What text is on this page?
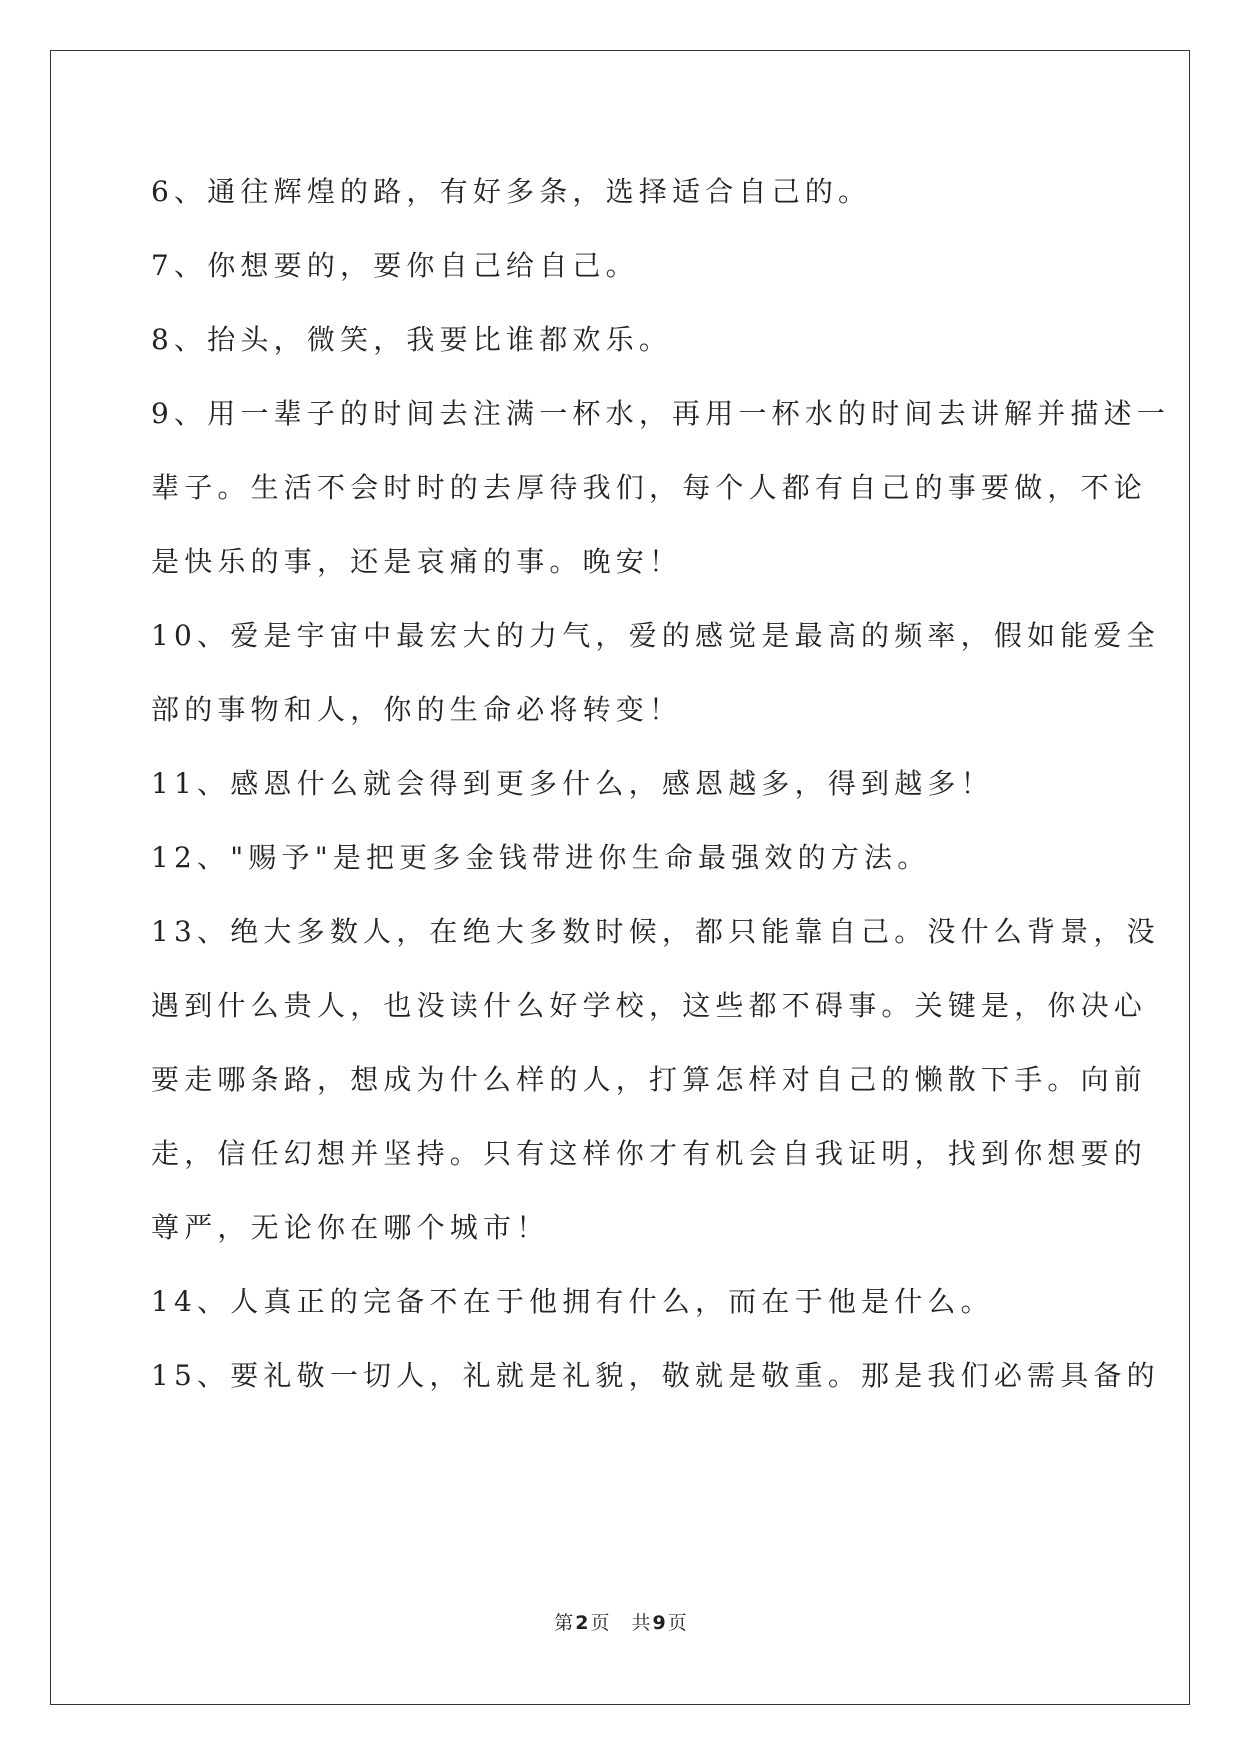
6、通往辉煌的路，有好多条，选择适合自己的。
7、你想要的，要你自己给自己。
8、抬头，微笑，我要比谁都欢乐。
9、用一辈子的时间去注满一杯水，再用一杯水的时间去讲解并描述一
辈子。生活不会时时的去厚待我们，每个人都有自己的事要做，不论
是快乐的事，还是哀痛的事。晚安！
10、爱是宇宙中最宏大的力气，爱的感觉是最高的频率，假如能爱全
部的事物和人，你的生命必将转变！
11、感恩什么就会得到更多什么，感恩越多，得到越多！
12、"赐予"是把更多金钱带进你生命最强效的方法。
13、绝大多数人，在绝大多数时候，都只能靠自己。没什么背景，没
遇到什么贵人，也没读什么好学校，这些都不碍事。关键是，你决心
要走哪条路，想成为什么样的人，打算怎样对自己的懒散下手。向前
走，信任幻想并坚持。只有这样你才有机会自我证明，找到你想要的
尊严，无论你在哪个城市！
14、人真正的完备不在于他拥有什么，而在于他是什么。
15、要礼敬一切人，礼就是礼貌，敬就是敬重。那是我们必需具备的
第 2 页 共 9 页
